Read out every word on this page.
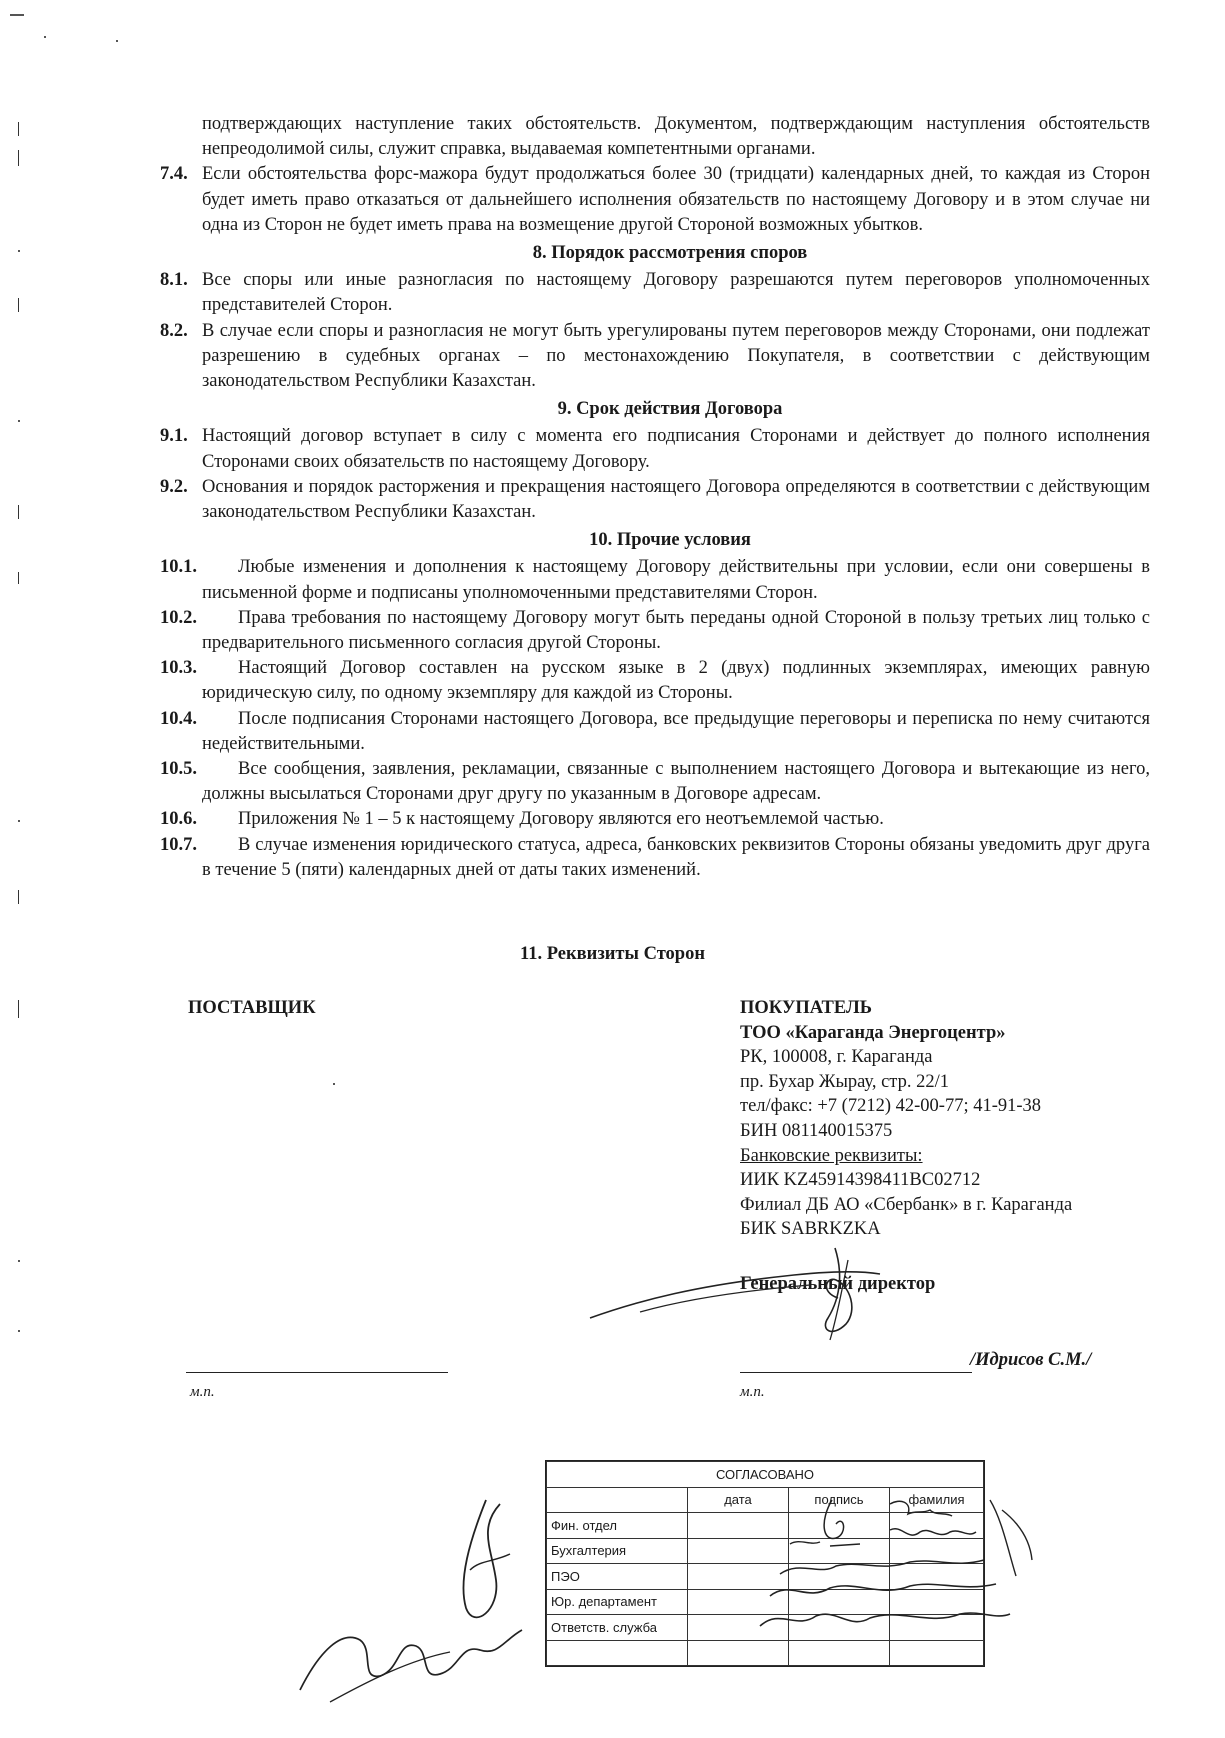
подтверждающих наступление таких обстоятельств. Документом, подтверждающим наступления обстоятельств непреодолимой силы, служит справка, выдаваемая компетентными органами.
7.4. Если обстоятельства форс-мажора будут продолжаться более 30 (тридцати) календарных дней, то каждая из Сторон будет иметь право отказаться от дальнейшего исполнения обязательств по настоящему Договору и в этом случае ни одна из Сторон не будет иметь права на возмещение другой Стороной возможных убытков.
8. Порядок рассмотрения споров
8.1. Все споры или иные разногласия по настоящему Договору разрешаются путем переговоров уполномоченных представителей Сторон.
8.2. В случае если споры и разногласия не могут быть урегулированы путем переговоров между Сторонами, они подлежат разрешению в судебных органах – по местонахождению Покупателя, в соответствии с действующим законодательством Республики Казахстан.
9. Срок действия Договора
9.1. Настоящий договор вступает в силу с момента его подписания Сторонами и действует до полного исполнения Сторонами своих обязательств по настоящему Договору.
9.2. Основания и порядок расторжения и прекращения настоящего Договора определяются в соответствии с действующим законодательством Республики Казахстан.
10. Прочие условия
10.1. Любые изменения и дополнения к настоящему Договору действительны при условии, если они совершены в письменной форме и подписаны уполномоченными представителями Сторон.
10.2. Права требования по настоящему Договору могут быть переданы одной Стороной в пользу третьих лиц только с предварительного письменного согласия другой Стороны.
10.3. Настоящий Договор составлен на русском языке в 2 (двух) подлинных экземплярах, имеющих равную юридическую силу, по одному экземпляру для каждой из Стороны.
10.4. После подписания Сторонами настоящего Договора, все предыдущие переговоры и переписка по нему считаются недействительными.
10.5. Все сообщения, заявления, рекламации, связанные с выполнением настоящего Договора и вытекающие из него, должны высылаться Сторонами друг другу по указанным в Договоре адресам.
10.6. Приложения № 1 – 5 к настоящему Договору являются его неотъемлемой частью.
10.7. В случае изменения юридического статуса, адреса, банковских реквизитов Стороны обязаны уведомить друг друга в течение 5 (пяти) календарных дней от даты таких изменений.
11. Реквизиты Сторон
ПОСТАВЩИК
м.п.
ПОКУПАТЕЛЬ
ТОО «Караганда Энергоцентр»
РК, 100008, г. Караганда
пр. Бухар Жырау, стр. 22/1
тел/факс: +7 (7212) 42-00-77; 41-91-38
БИН 081140015375
Банковские реквизиты:
ИИК KZ45914398411BC02712
Филиал ДБ АО «Сбербанк» в г. Караганда
БИК SABRKZKA
Генеральный директор
/Идрисов С.М./
м.п.
СОГЛАСОВАНО			
	дата	подпись	фамилия
Фин. отдел			
Бухгалтерия			
ПЭО			
Юр. департамент			
Ответств. служба			
